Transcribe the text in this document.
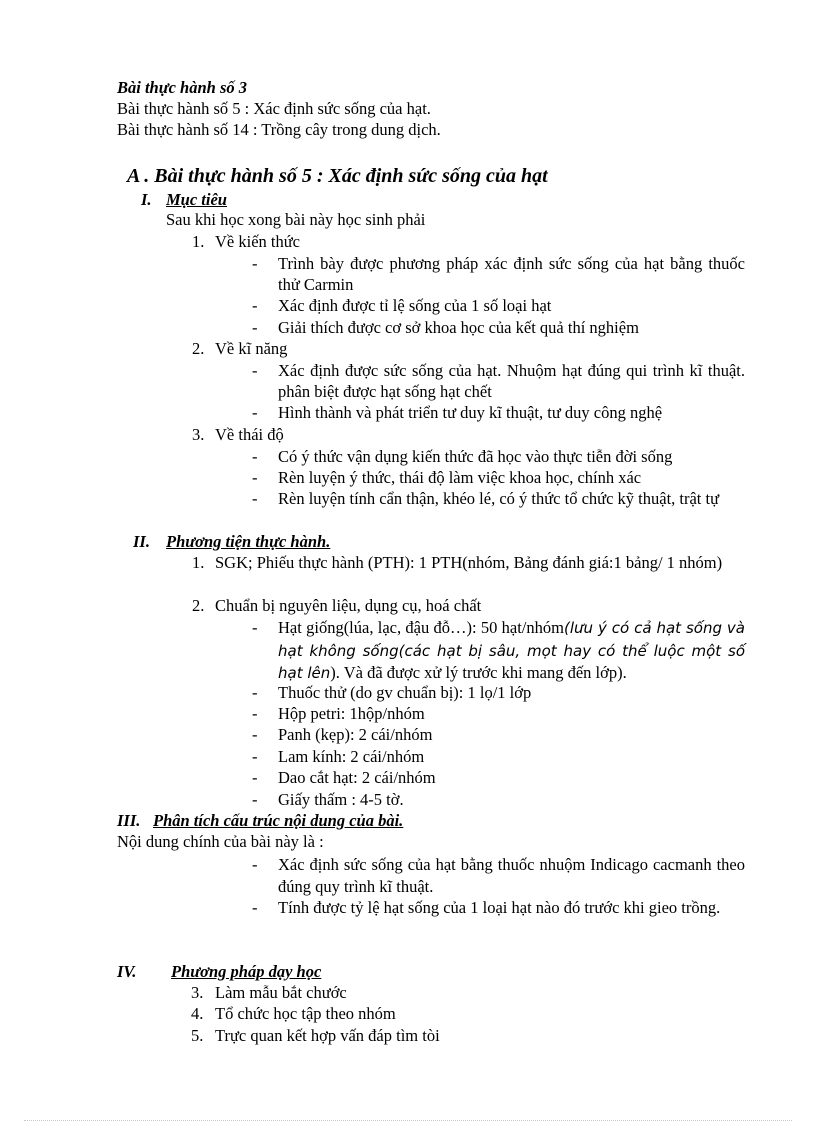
Bài thực hành số 3
Bài thực hành số 5 : Xác định sức sống của hạt.
Bài thực hành số 14 : Trồng cây trong dung dịch.
A . Bài thực hành số 5 : Xác định sức sống của hạt
I. Mục tiêu
Sau khi học xong bài này học sinh phải
1. Về kiến thức
- Trình bày được phương pháp xác định sức sống của hạt bằng thuốc thử Carmin
- Xác định được tỉ lệ sống của 1 số loại hạt
- Giải thích được cơ sở khoa học của kết quả thí nghiệm
2. Về kĩ năng
- Xác định được sức sống của hạt. Nhuộm hạt đúng qui trình kĩ thuật. phân biệt được hạt sống hạt chết
- Hình thành và phát triển tư duy kĩ thuật, tư duy công nghệ
3. Về thái độ
- Có ý thức vận dụng kiến thức đã học vào thực tiễn đời sống
- Rèn luyện ý thức, thái độ làm việc khoa học, chính xác
- Rèn luyện tính cẩn thận, khéo lé, có ý thức tổ chức kỹ thuật, trật tự
II. Phương tiện thực hành.
1. SGK; Phiếu thực hành (PTH): 1 PTH(nhóm, Bảng đánh giá:1 bảng/ 1 nhóm)
2. Chuẩn bị nguyên liệu, dụng cụ, hoá chất
- Hạt giống(lúa, lạc, đậu đỗ…): 50 hạt/nhóm(lưu ý có cả hạt sống và hạt không sống(các hạt bị sâu, mọt hay có thể luộc một số hạt lên). Và đã được xử lý trước khi mang đến lớp).
- Thuốc thử (do gv chuẩn bị): 1 lọ/1 lớp
- Hộp petri: 1hộp/nhóm
- Panh (kẹp): 2 cái/nhóm
- Lam kính: 2 cái/nhóm
- Dao cắt hạt: 2 cái/nhóm
- Giấy thấm : 4-5 tờ.
III. Phân tích cấu trúc nội dung của bài.
Nội dung chính của bài này là :
- Xác định sức sống của hạt bằng thuốc nhuộm Indicago cacmanh theo đúng quy trình kĩ thuật.
- Tính được tỷ lệ hạt sống của 1 loại hạt nào đó trước khi gieo trồng.
IV. Phương pháp dạy học
3. Làm mẫu bắt chước
4. Tổ chức học tập theo nhóm
5. Trực quan kết hợp vấn đáp tìm tòi
